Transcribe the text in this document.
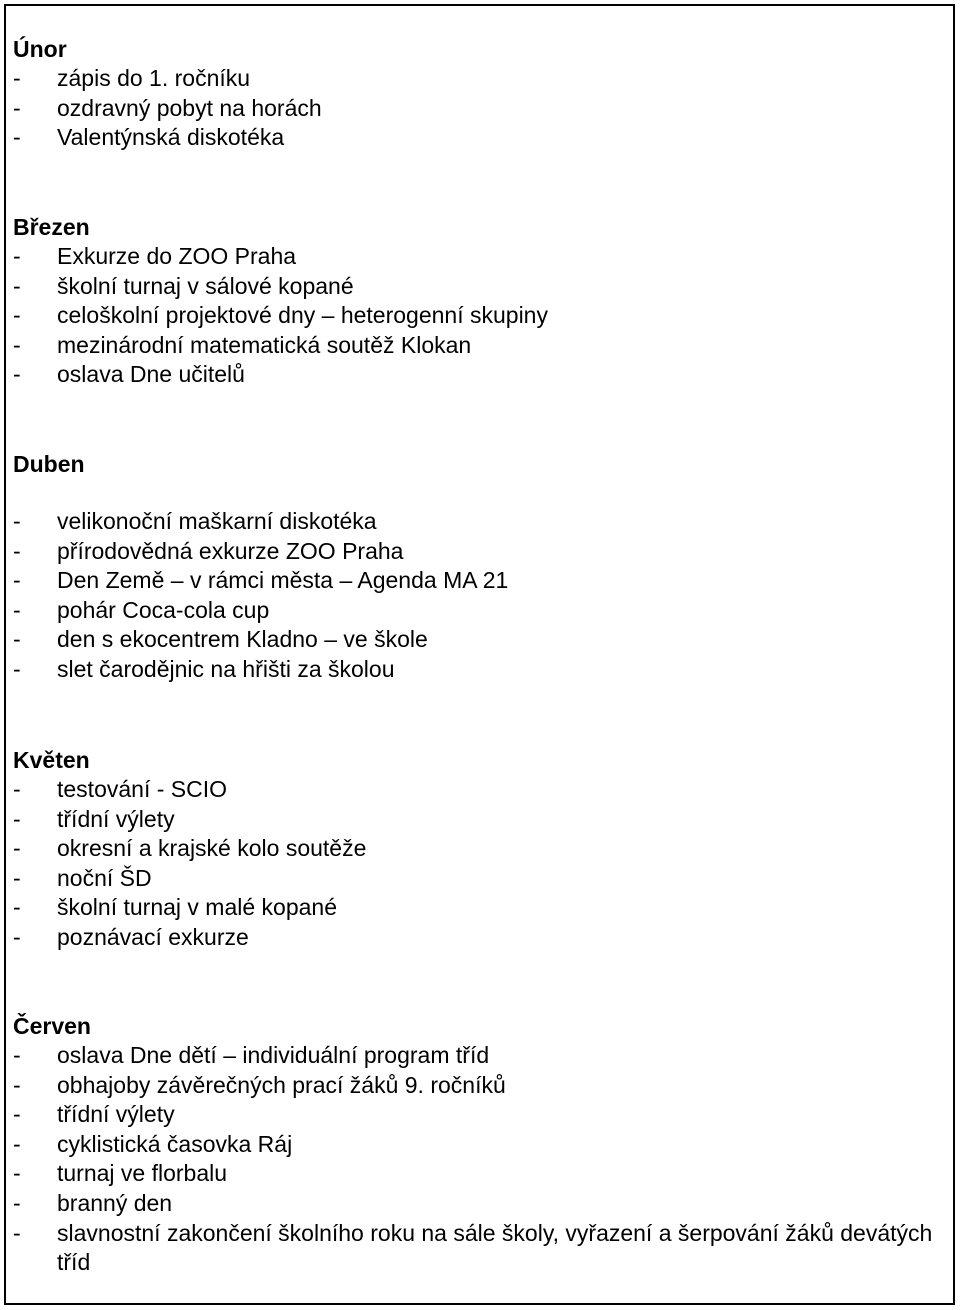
Únor
-	zápis do 1. ročníku
-	ozdravný pobyt na horách
-	Valentýnská diskotéka
Březen
-	Exkurze do ZOO Praha
-	školní turnaj v sálové kopané
-	celoškolní projektové dny – heterogenní skupiny
-	mezinárodní matematická soutěž Klokan
-	oslava Dne učitelů
Duben
-	velikonoční maškarní diskotéka
-	přírodovědná exkurze ZOO Praha
-	Den Země – v rámci města – Agenda MA 21
-	pohár Coca-cola cup
-	den s ekocentrem Kladno – ve škole
-	slet čarodějnic na hřišti za školou
Květen
-	testování - SCIO
-	třídní výlety
-	okresní a krajské kolo soutěže
-	noční ŠD
-	školní turnaj v malé kopané
-	poznávací exkurze
Červen
-	oslava Dne dětí – individuální program tříd
-	obhajoby závěrečných prací žáků 9. ročníků
-	třídní výlety
-	cyklistická časovka Ráj
-	turnaj ve florbalu
-	branný den
-	slavnostní zakončení školního roku na sále školy, vyřazení a šerpování žáků devátých tříd
